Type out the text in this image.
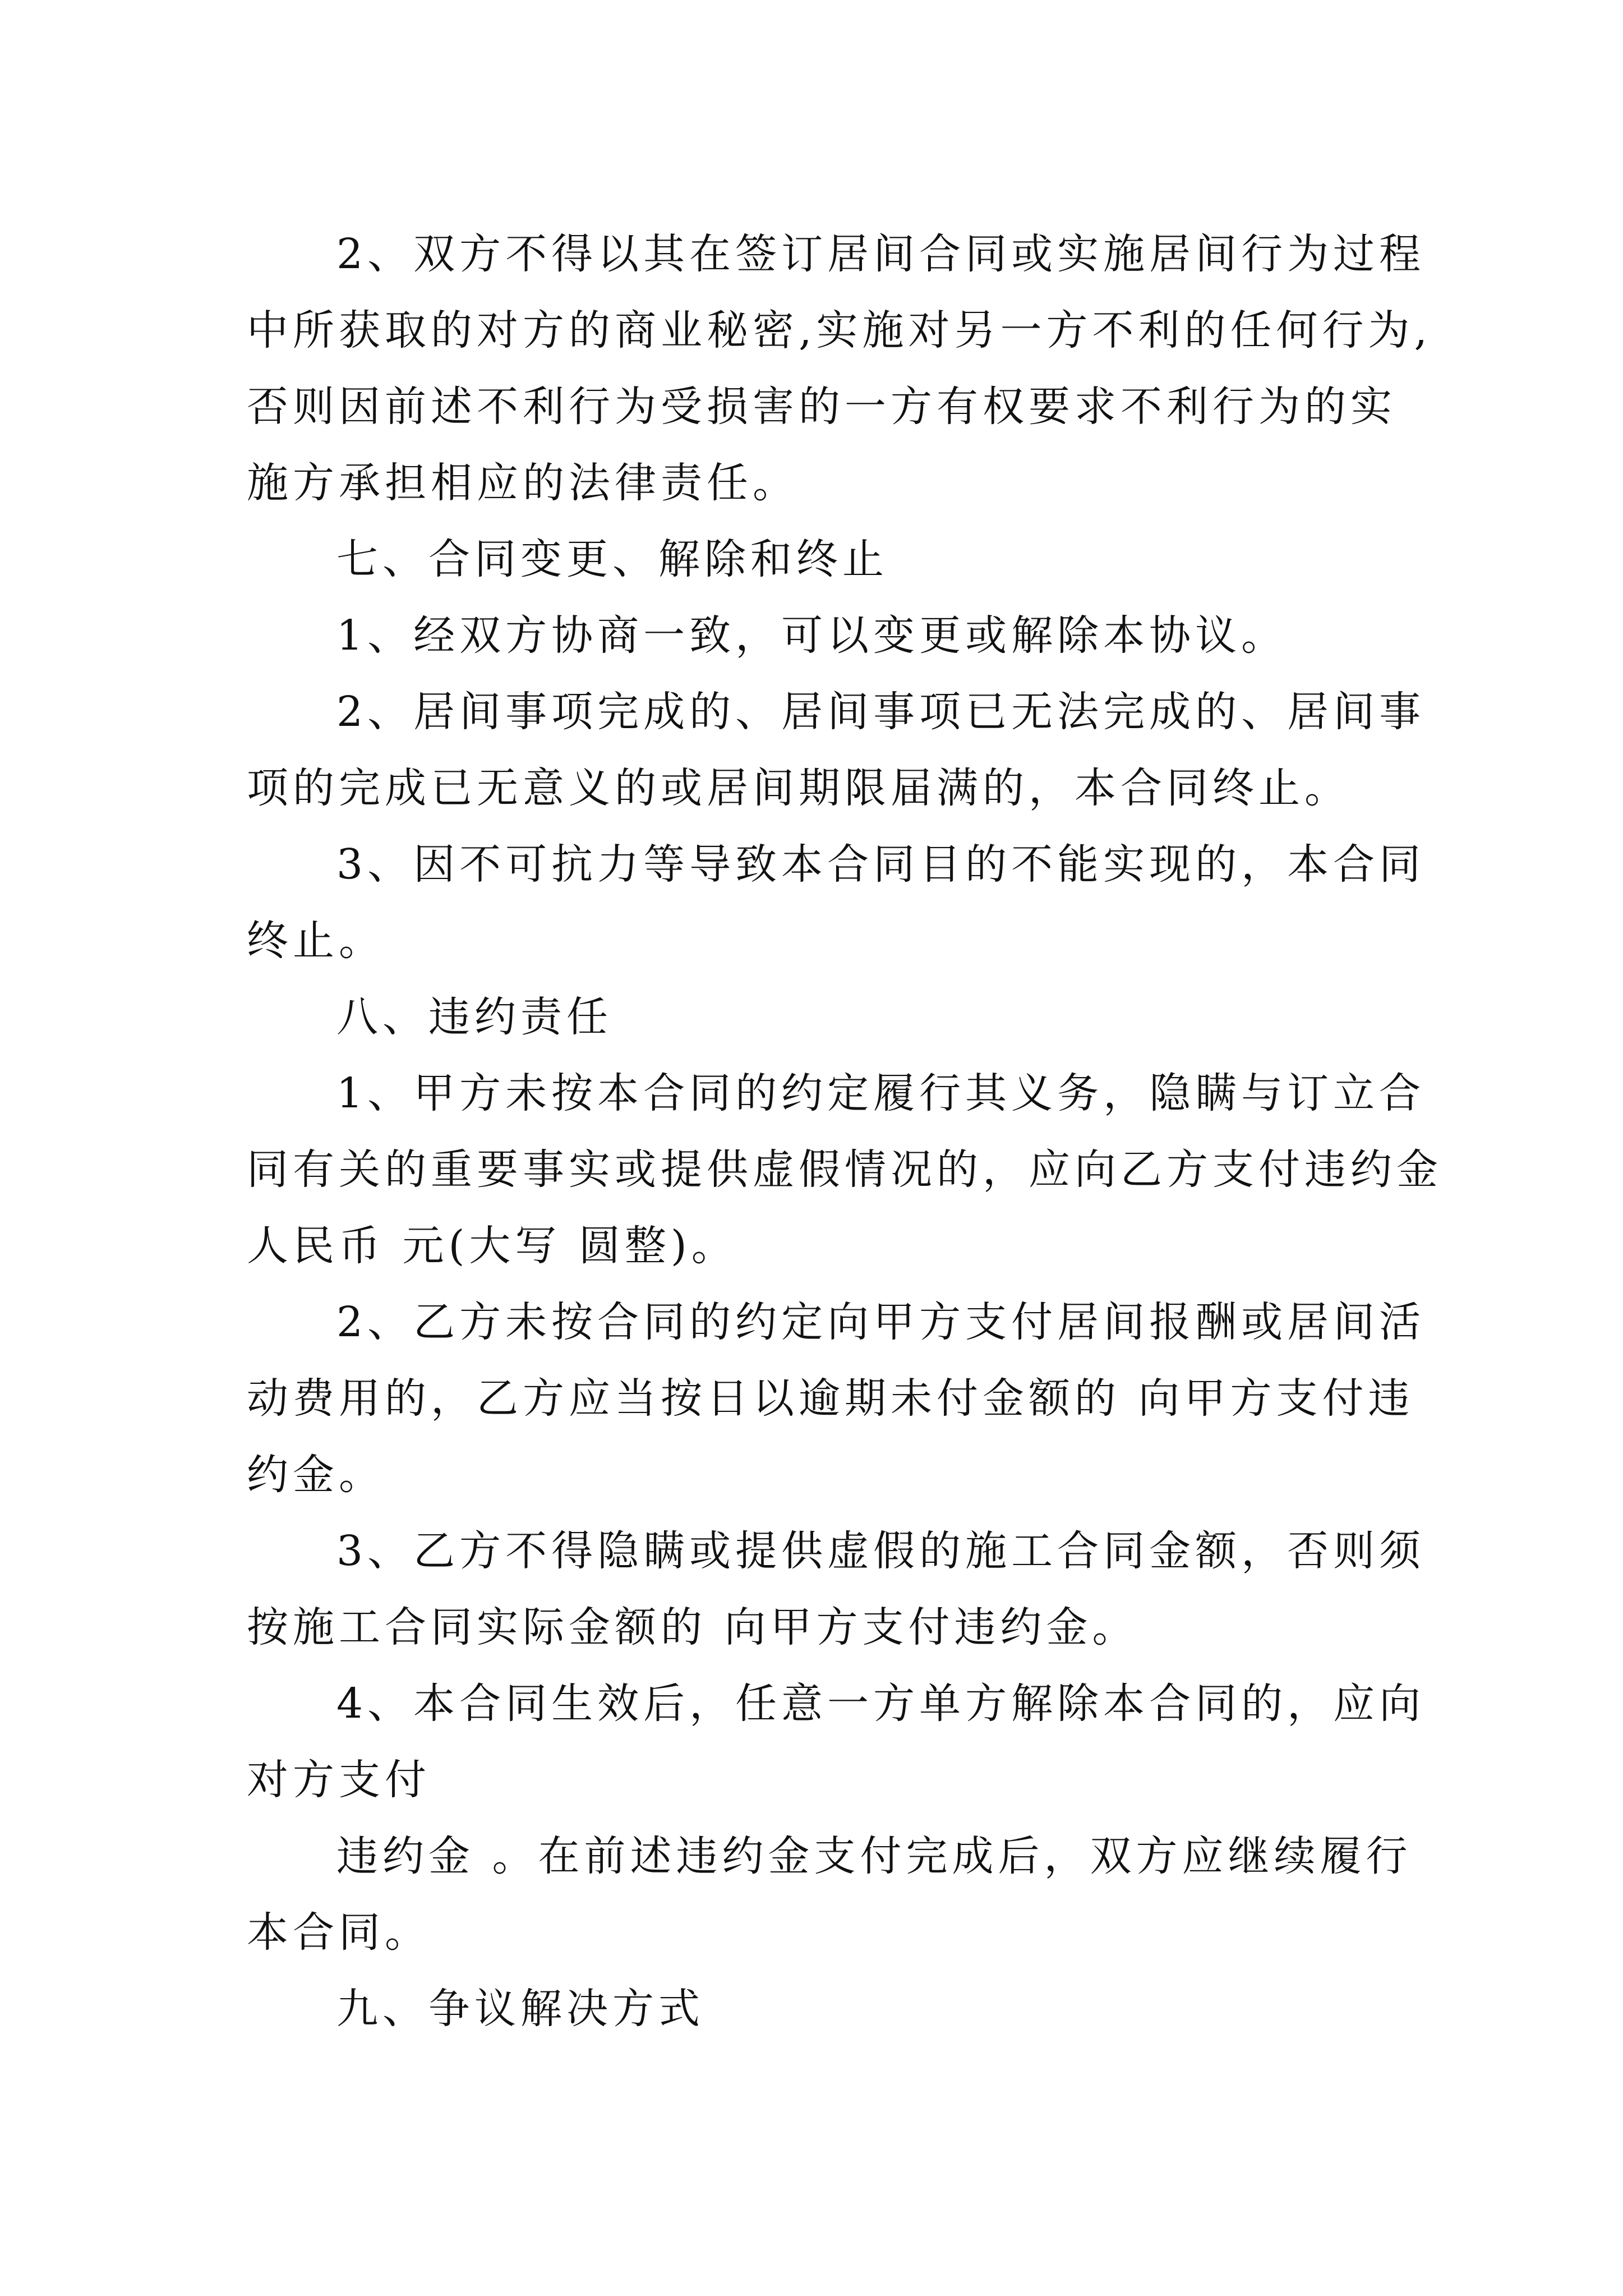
2、双方不得以其在签订居间合同或实施居间行为过程
中所获取的对方的商业秘密,实施对另一方不利的任何行为,
否则因前述不利行为受损害的一方有权要求不利行为的实
施方承担相应的法律责任。
七、合同变更、解除和终止
1、经双方协商一致，可以变更或解除本协议。
2、居间事项完成的、居间事项已无法完成的、居间事
项的完成已无意义的或居间期限届满的，本合同终止。
3、因不可抗力等导致本合同目的不能实现的，本合同
终止。
八、违约责任
1、甲方未按本合同的约定履行其义务，隐瞒与订立合
同有关的重要事实或提供虚假情况的，应向乙方支付违约金
人民币 元(大写 圆整)。
2、乙方未按合同的约定向甲方支付居间报酬或居间活
动费用的，乙方应当按日以逾期未付金额的 向甲方支付违
约金。
3、乙方不得隐瞒或提供虚假的施工合同金额，否则须
按施工合同实际金额的 向甲方支付违约金。
4、本合同生效后，任意一方单方解除本合同的，应向
对方支付
违约金 。在前述违约金支付完成后，双方应继续履行
本合同。
九、争议解决方式
